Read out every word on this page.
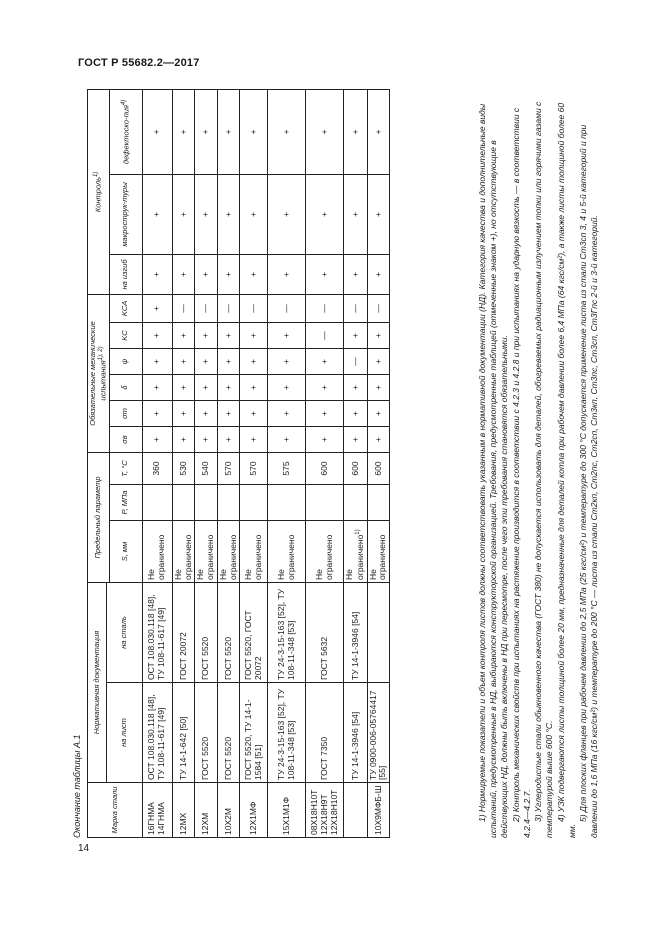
ГОСТ Р 55682.2—2017
Окончание таблицы А.1	Марка стали	Нормативная документация		Предельный параметр			Обязательные механические испытания$^{1), 2)}$						Контроль$^{1)}$
	на лист	на сталь												
			S, мм	P, МПа	T, °C	σв	σт	δ	ψ	KC	KCA	на изгиб	макрострук-туры	дефектоско-пия$^{4)}$
16ГНМА 14ГНМА	ОСТ 108.030.118 [48], ТУ 108-11-617 [49]	ОСТ 108.030.118 [48], ТУ 108-11-617 [49]	Не ограничено		360	+	+	+	+	+	+	+	+	+
12МХ	ТУ 14-1-642 [50]	ГОСТ 20072	Не ограничено		530	+	+	+	+	+	—	+	+	+
12ХМ	ГОСТ 5520	ГОСТ 5520	Не ограничено		540	+	+	+	+	+	—	+	+	+
10Х2М	ГОСТ 5520	ГОСТ 5520	Не ограничено		570	+	+	+	+	+	—	+	+	+
12Х1МФ	ГОСТ 5520, ТУ 14-1-1584 [51]	ГОСТ 5520, ГОСТ 20072	Не ограничено		570	+	+	+	+	+	—	+	+	+
15Х1М1Ф	ТУ 24-3-15-163 [52], ТУ 108-11-348 [53]	ТУ 24-3-15-163 [52], ТУ 108-11-348 [53]	Не ограничено		575	+	+	+	+	+	—	+	+	+
08Х18Н10Т 12Х18Н9Т 12Х18Н10Т	ГОСТ 7350	ГОСТ 5632	Не ограничено		600	+	+	+	+	—	—	+	+	+
	ТУ 14-1-3946 [54]	ТУ 14-1-3946 [54]	Не ограничено$^{1)}$		600	+	+	+	—	+	—	+	+	+
10Х9МФБ-Ш	ТУ 0900-006-05764417 [55]		Не ограничено		600	+	+	+	+	+	—	+	+	+	1) Нормируемые показатели и объем контроля листов должны соответствовать указанным в нормативной документации (НД). Категория качества и дополнительные виды испытаний, предусмотренные в НД, выбираются конструкторской организацией. Требования, предусмотренные таблицей (отмеченные знаком +), но отсутствующие в действующих НД, должны быть включены в НД при пересмотре, после чего эти требования становятся обязательными. 2) Контроль механических свойств при испытаниях на растяжение производится в соответствии с 4.2.3 и 4.2.8 и при испытаниях на ударную вязкость — в соответствии с 4.2.4—4.2.7. 3) Углеродистые стали обыкновенного качества (ГОСТ 380) не допускается использовать для деталей, обогреваемых радиационным излучением топки или горячими газами с температурой выше 600 °С. 4) УЗК подвергаются листы толщиной более 20 мм, предназначенные для деталей котла при рабочем давлении более 6,4 МПа (64 кгс/см²), а также листы толщиной более 60 мм.

5) Для плоских фланцев при рабочем давлении до 2,5 МПа (25 кгс/см²) и температуре до 300 °С допускается применение листа из стали Ст3сп 3, 4 и 5-й категорий и при давлении до 1,6 МПа (16 кгс/см²) и температуре до 200 °С — листа из стали Ст2кп, Ст2пс, Ст2сп, Ст3кп, Ст3пс, Ст3сп, Ст3Гпс 2-й и 3-й категорий.

14
